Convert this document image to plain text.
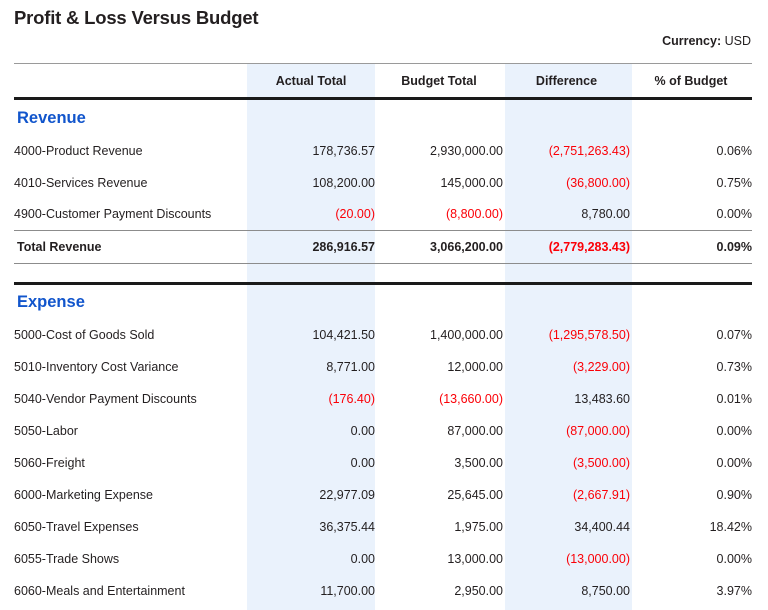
Profit & Loss Versus Budget
Currency: USD
	Actual Total	Budget Total	Difference	% of Budget
Revenue				
4000-Product Revenue	178,736.57	2,930,000.00	(2,751,263.43)	0.06%
4010-Services Revenue	108,200.00	145,000.00	(36,800.00)	0.75%
4900-Customer Payment Discounts	(20.00)	(8,800.00)	8,780.00	0.00%
Total Revenue	286,916.57	3,066,200.00	(2,779,283.43)	0.09%

Expense				
5000-Cost of Goods Sold	104,421.50	1,400,000.00	(1,295,578.50)	0.07%
5010-Inventory Cost Variance	8,771.00	12,000.00	(3,229.00)	0.73%
5040-Vendor Payment Discounts	(176.40)	(13,660.00)	13,483.60	0.01%
5050-Labor	0.00	87,000.00	(87,000.00)	0.00%
5060-Freight	0.00	3,500.00	(3,500.00)	0.00%
6000-Marketing Expense	22,977.09	25,645.00	(2,667.91)	0.90%
6050-Travel Expenses	36,375.44	1,975.00	34,400.44	18.42%
6055-Trade Shows	0.00	13,000.00	(13,000.00)	0.00%
6060-Meals and Entertainment	11,700.00	2,950.00	8,750.00	3.97%
